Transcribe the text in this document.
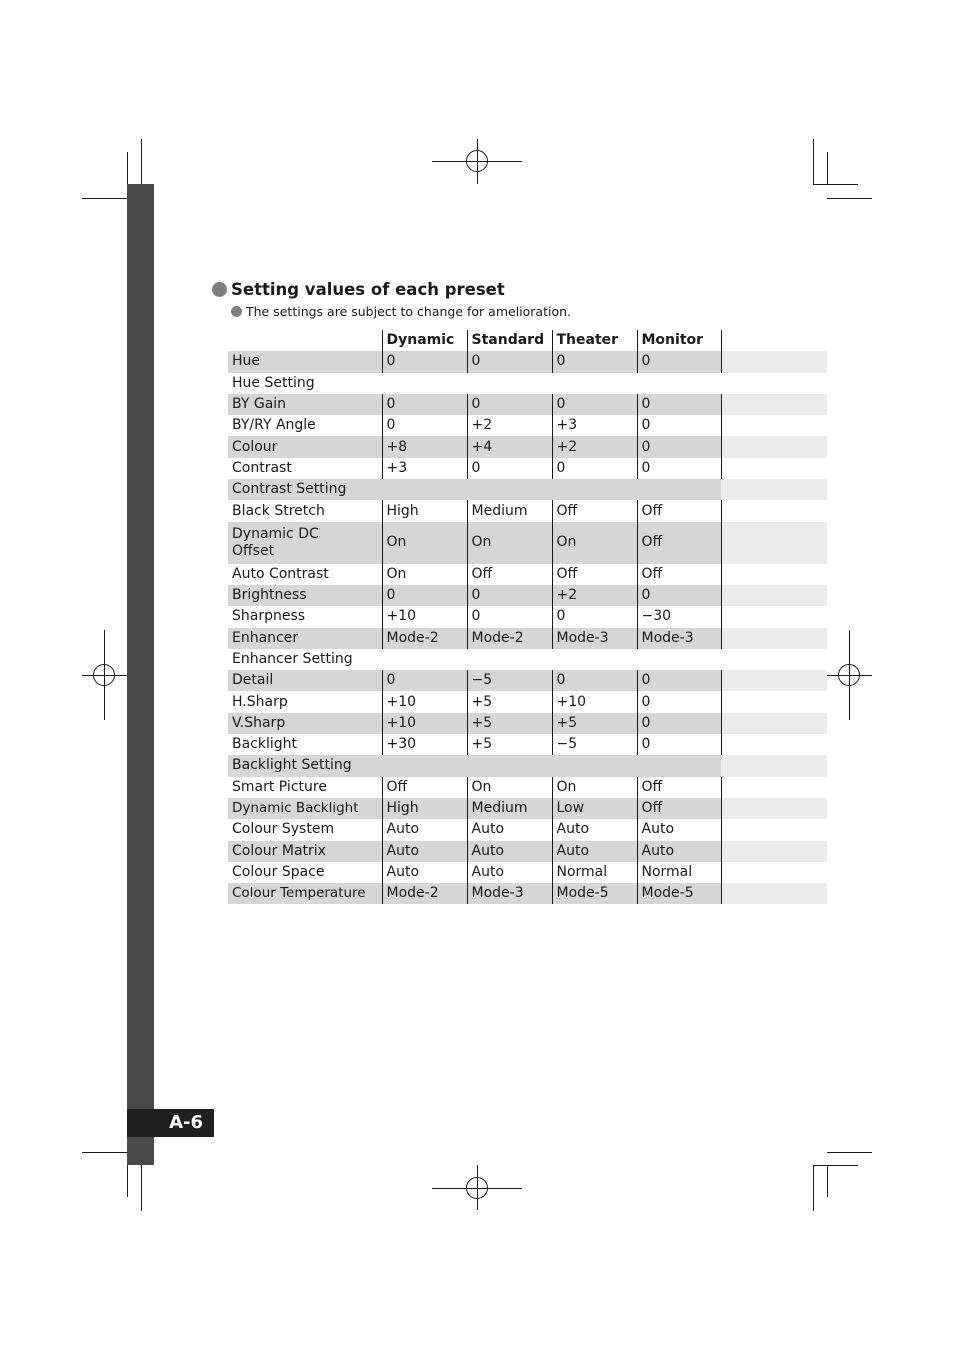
A-6
Setting values of each preset
The settings are subject to change for amelioration.
	Dynamic	Standard	Theater	Monitor	
Hue	0	0	0	0	
Hue Setting					
BY Gain	0	0	0	0	
BY/RY Angle	0	+2	+3	0	
Colour	+8	+4	+2	0	
Contrast	+3	0	0	0	
Contrast Setting					
Black Stretch	High	Medium	Off	Off	
Dynamic DC Offset	On	On	On	Off	
Auto Contrast	On	Off	Off	Off	
Brightness	0	0	+2	0	
Sharpness	+10	0	0	−30	
Enhancer	Mode-2	Mode-2	Mode-3	Mode-3	
Enhancer Setting					
Detail	0	−5	0	0	
H.Sharp	+10	+5	+10	0	
V.Sharp	+10	+5	+5	0	
Backlight	+30	+5	−5	0	
Backlight Setting					
Smart Picture	Off	On	On	Off	
Dynamic Backlight	High	Medium	Low	Off	
Colour System	Auto	Auto	Auto	Auto	
Colour Matrix	Auto	Auto	Auto	Auto	
Colour Space	Auto	Auto	Normal	Normal	
Colour Temperature	Mode-2	Mode-3	Mode-5	Mode-5	
